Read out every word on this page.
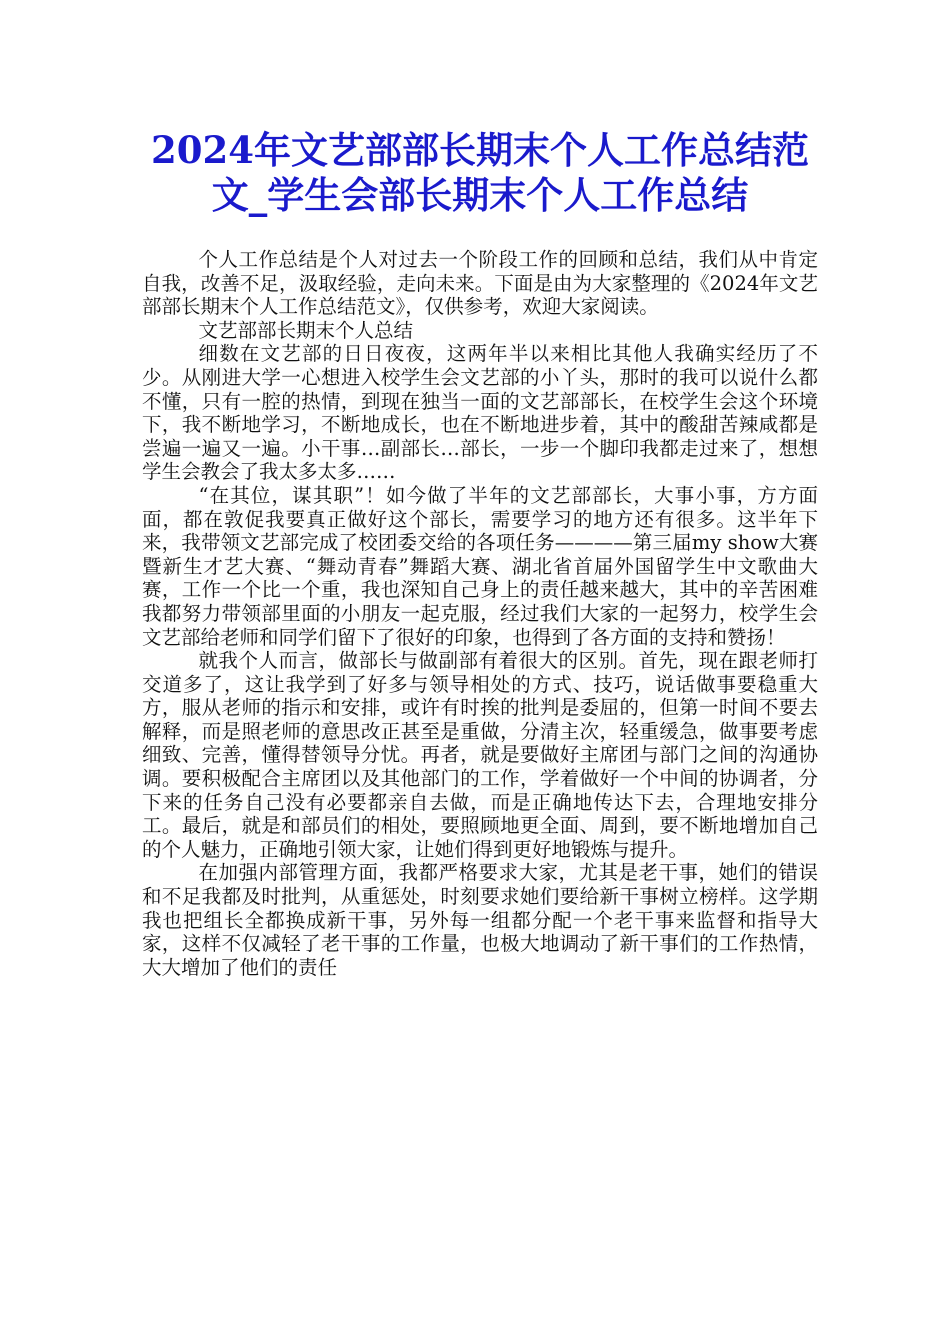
2024年文艺部部长期末个人工作总结范文_学生会部长期末个人工作总结

个人工作总结是个人对过去一个阶段工作的回顾和总结，我们从中肯定自我，改善不足，汲取经验，走向未来。下面是由为大家整理的《2024年文艺部部长期末个人工作总结范文》，仅供参考，欢迎大家阅读。

文艺部部长期末个人总结

细数在文艺部的日日夜夜，这两年半以来相比其他人我确实经历了不少。从刚进大学一心想进入校学生会文艺部的小丫头，那时的我可以说什么都不懂，只有一腔的热情，到现在独当一面的文艺部部长，在校学生会这个环境下，我不断地学习，不断地成长，也在不断地进步着，其中的酸甜苦辣咸都是尝遍一遍又一遍。小干事…副部长…部长，一步一个脚印我都走过来了，想想学生会教会了我太多太多……

“在其位，谋其职”！如今做了半年的文艺部部长，大事小事，方方面面，都在敦促我要真正做好这个部长，需要学习的地方还有很多。这半年下来，我带领文艺部完成了校团委交给的各项任务————第三届my show大赛暨新生才艺大赛、“舞动青春”舞蹈大赛、湖北省首届外国留学生中文歌曲大赛，工作一个比一个重，我也深知自己身上的责任越来越大，其中的辛苦困难我都努力带领部里面的小朋友一起克服，经过我们大家的一起努力，校学生会文艺部给老师和同学们留下了很好的印象，也得到了各方面的支持和赞扬！

就我个人而言，做部长与做副部有着很大的区别。首先，现在跟老师打交道多了，这让我学到了好多与领导相处的方式、技巧，说话做事要稳重大方，服从老师的指示和安排，或许有时挨的批判是委屈的，但第一时间不要去解释，而是照老师的意思改正甚至是重做，分清主次，轻重缓急，做事要考虑细致、完善，懂得替领导分忧。再者，就是要做好主席团与部门之间的沟通协调。要积极配合主席团以及其他部门的工作，学着做好一个中间的协调者，分下来的任务自己没有必要都亲自去做，而是正确地传达下去，合理地安排分工。最后，就是和部员们的相处，要照顾地更全面、周到，要不断地增加自己的个人魅力，正确地引领大家，让她们得到更好地锻炼与提升。

在加强内部管理方面，我都严格要求大家，尤其是老干事，她们的错误和不足我都及时批判，从重惩处，时刻要求她们要给新干事树立榜样。这学期我也把组长全都换成新干事，另外每一组都分配一个老干事来监督和指导大家，这样不仅减轻了老干事的工作量，也极大地调动了新干事们的工作热情，大大增加了他们的责任
